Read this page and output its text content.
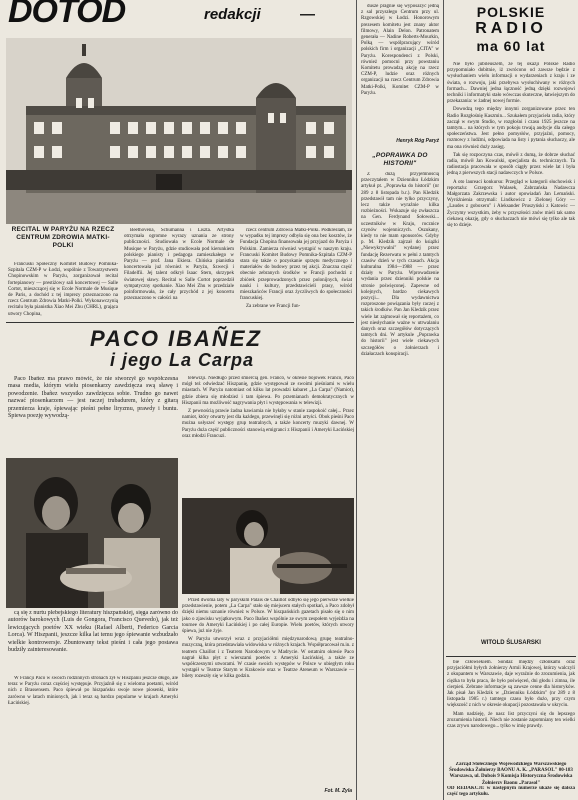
DOTOD	redakcji	—
RECITAL W PARYŻU NA RZECZ CENTRUM ZDROWIA MATKI-POLKI

Francuski Społeczny Komitet Budowy Pomnika-Szpitala CZM-P w Łodzi, wspólnie z Towarzystwem Chopinowskim w Paryżu, zorganizował recital fortepianowy — prestiżowy sali koncertowej — Salle Cortot, mieszczącej się w Ecole Normale de Musique de Paris, a dochód z tej imprezy przeznaczono na rzecz Centrum Zdrowia Matki-Polki. Wykonawczynią recitalu była pianistka Xiao Mei Zhu (CHRL), grająca utwory Chopina,

Beethovena, Schumanna i Liszta. Artystka otrzymała ogromne wyrazy uznania ze strony publiczności. Studiowała w Ecole Normale de Musique w Paryżu, gdzie studiowała pod kierunkiem polskiego pianisty i pedagoga zamieszkałego w Paryżu — prof. Jana Ekiera. Chińska pianistka koncertowała już również w Paryżu, Szwecji i Filadelfii. Jej talent odkrył Isaac Stern, skrzypek światowej sławy. Recital w Salle Cortot poprzedził sympatyczny spotkanie. Xiao Mei Zhu w przedziale poinformowała, że cały przychód z jej koncertu przeznaczono w całości na

rzecz centrum Zdrowia Matki-Polki. Podkreślam, że w wypadku tej imprezy odbyła się ona bez kosztów, że Fundacja Chopina finansowała jej przyjazd do Paryża i Polskim. Zamierza również wystąpić w naszym kraju. Francuski Komitet Budowy Pomnika-Szpitala CZM-P stara się także o pozyskanie sprzętu medycznego i materiałów do budowy przez tej akcji. Znaczna część obecnie zebranych środków w Francji pochodzi z zbiórek przeprowadzonych przez polonijnych, świat nauki i kultury, przedstawicieli prasy, wśród mieszkańców Francji oraz życzliwych do społeczności francuskiej.

Za zebrane we Francji fun-

PACO IBAÑEZ
i jego La Carpa

Paco Ibañez ma prawo mówić, że nie stworzył go współczesna masa media, którym wielu piosenkarzy zawdzięcza swą sławę i powodzenie. Ibañez wszystko zawdzięcza sobie. Trudno go nawet nazwać piosenkarzem — jest raczej trubadurem, który z gitarą przemierza kraje, śpiewając pieśni pełne liryzmu, prawdy i buntu. Śpiewa poezję wywodzą-

cą się z nurtu plebejskiego literatury hiszpańskiej, sięga zarówno do autorów barokowych (Luis de Gongora, Francisco Quevedo), jak też lewicujących poetów XX wieku (Rafael Alberti, Federico Garcia Lorca). W Hiszpanii, jeszcze kilka lat temu jego śpiewanie wzbudzało wielkie kontrowersje. Zbuntowany tekst pieśni i cała jego postawa budziły zainteresowanie.

W Francji Paco w swoich rodzinnych stronach żył w Hiszpanii jeszcze długo, ale teraz w Paryżu coraz częściej występuje. Przyjaźnił się z wieloma poetami, wśród nich z Brassensem. Paco śpiewał po hiszpańsku swoje nowe piosenki, które zarówno w latach minionych, jak i teraz są bardzo popularne w krajach Ameryki Łacińskiej.

telewizji. Niedługo przed śmiercią gen. Franco, w okresie bojówek Franco, Paco mógł też odwiedzać Hiszpanię, gdzie występował ze swoimi pieśniami w wielu miastach. W Paryżu natomiast od kilku lat prowadzi kabaret „La Carpa" (Namiot), gdzie zbiera się młodzież i tam śpiewa. Po przemianach demokratycznych w Hiszpanii ma możliwość nagrywania płyt i występowania w telewizji.

Z pewnością prawie żadna kawiarnia nie byłaby w stanie zaspokoić całej... Przez namiot, który otwarty jest dla każdego, przewinęli się różni artyści. Obok pieśni Paco można usłyszeć występy grup teatralnych, a także koncerty muzyki dawnej. W Paryżu duża część publiczności stanowią emigranci z Hiszpanii i Ameryki Łacińskiej oraz młodzi Francuzi.

Przed dwoma laty w paryskim Palais de Chaillot odbyło się jego pierwsze wielkie przedstawienie, potem „La Carpa" stało się miejscem stałych spotkań, a Paco zdobył dzięki niemu uznanie również w Polsce. W hiszpańskich gazetach pisało się o nim jako o zjawisku wyjątkowym. Paco Ibañez wspólnie ze swym zespołem wyjeżdża na tournee do Ameryki Łacińskiej i po całej Europie. Wielu poetów, których utwory śpiewa, już nie żyje.

W Paryżu utworzył wraz z przyjaciółmi międzynarodową grupę teatralno-muzyczną, która przedstawiała widowiska w różnych krajach. Współpracował m.in. z teatrem Chaillot i z Teatrem Narodowym w Madrycie. W ostatnim okresie Paco nagrał kilka płyt z wierszami poetów z Ameryki Łacińskiej, a także ze współczesnymi utworami. W czasie swoich występów w Polsce w ubiegłym roku wystąpił w Teatrze Starym w Krakowie oraz w Teatrze Ateneum w Warszawie — bilety rozeszły się w kilka godzin.

Fot. M. Zyla

dusze pragnie się wyposażyć jedną z sal przyszłego Centrum przy ul. Rzgowskiej w Łodzi. Honorowym prezesem komitetu jest znany aktor filmowy, Alain Delon. Patronatem generała — Nadine Roberts-Mourkin, Polką — wspólpracujący wśród polskich firm i organizacji „CITA" w Paryżu. Korespondenci z Polski, również pomocni przy powstaniu Komitetu prowadzą akcję na rzecz CZM-P, ludzie oraz różnych organizacji na rzecz Centrum Zdrowia Matki-Polki, Komitet CZM-P w Paryżu.

Henryk Róg Paryż
„POPRAWKA DO HISTORII"

Z dużą przyjemnością przeczytałem w Dzienniku Łódzkim artykuł pt. „Poprawka do historii" (nr 289 z 8 listopada b.r.). Pan Kledzik przedstawił tam nie tylko przyczyny, lecz także wyraźnie kilka rozbieżności. Wskazuje się zwłaszcza na Gen. Ferdynand Sołowski... uczestników w Kraju, rocznice czynów wojenniczych. Oszukany, kiedy to nie mam sponsorów. Gdyby p. M. Kledzik zajrzał do książki „Niewykrywalni" wydanej przez fundację Rezerwatu w pełni z tamtych czasów dzień w tych czasach. Akcja kulturalna 1984—1988 — przez działy w Paryżu. Wprowadzenie wydania przez dzienniki polskie na stronie poświęconej. Zapewne od kolejnych, bardzo ciekawych pozycji... Dla wydawnictwa rozproszone powiązania były raczej z takich środków. Pan Jan Kledzik przez wiele lat zajmował się reportażem, co jest niesłychanie ważne w utrwalaniu danych oraz szczegółów dotyczących tamtych dni. W artykule „Poprawka do historii" jest wiele ciekawych szczegółów o żołnierzach i działaczach konspiracji.

POLSKIE
RADIO
ma 60 lat

Nie było jubileuszem, że tej okazji Polskie Radio przypomniało dobitnie, iż zwrócono od zawsze będzie z wysłuchaniem wielu informacji o wydarzeniach z kraju i ze świata, o rozwoju, jaki przebywa wysłuchiwany w różnych formach... Dawniej jedna łączność jedną dzięki rozwojowi techniki i informatyki stało wówczas skuteczne, łatwiejszym do przekazania: w żadnej nowej formie.

Dowodzą tego między innymi zorganizowane przez ten Radio Rozgłośnię Kaszmin... Szukałem przyjaciela radia, który zaczął w swym Studio, w rozgłośni i czasu 1925 jeszcze na tamtym... na których w tym pokoju trwają audycje dla całego społeczeństwa. Jest pełno pomysłów, przyjaźni, pomocy, rozmowy z ludźmi, odpowiada na listy i pytania słuchaczy, ale ma ona również duży zasięg.

Tak się rozpoczyna czas, mówił z dumą, że dobrze słuchać radia, mówił Jan Kowalski, specjalista ds. technicznych. Ta radiostacja pracowała w sposób ciągły przez wiele lat i była jedną z pierwszych stacji nadawczych w Polsce.

A oto laureaci konkursu: Przegląd w kategorii słuchowisk i reportażu: Grzegorz Walasek, Zabrzańska Nadawcza Małgorzata Zakrzewska i autor opowiadań Jan Lemański. Wyróżnienia otrzymali: Lindkowicz z Zielonej Góry — „Laudes z goboxeru" i Aleksander Pruszyński z Katowic — Życzymy wszystkim, żeby w przyszłości znów mieli tak samo ciekawą okazję, gdy o słuchaczach nie mówi się tylko ale tak się to dzieje.

WITOLD ŚLUSARSKI

bie człowiekiem. Sondaż między członkami oraz przyjaciółmi byłych żołnierzy Armii Krajowej, którzy walczyli z okupantem w Warszawie, daje wyraźnie do zrozumienia, jak ciężka to była praca, ile było poświęceń, dni głodu i zimna, ile cierpień. Zebrane informacje są zawsze cenne dla historyków. Jak pisał Jan Kledzik w „Dzienniku Łódzkim" (nr 289 z 8 listopada 1985 r.) tamtego czasu było dużo, przy czym większość z nich w okresie okupacji pozostawała w ukryciu.

Mam nadzieję, że nasz list przyczyni się do lepszego zrozumienia historii. Niech nie zostanie zapomniany ten wielki czas zrywu narodowego... tylko w imię prawdy.

Zarząd Stołecznego Wojewódzkiego Warszawskiego Środowiska Żołnierzy BAONU A. K. „PARASOL" 00-183 Warszawa, ul. Dubois 9 Komisja Historyczna Środowiska Żołnierzy Baonu „Parasol"
OD REDAKCJI: w następnym numerze ukaże się dalsza część tego artykułu.
